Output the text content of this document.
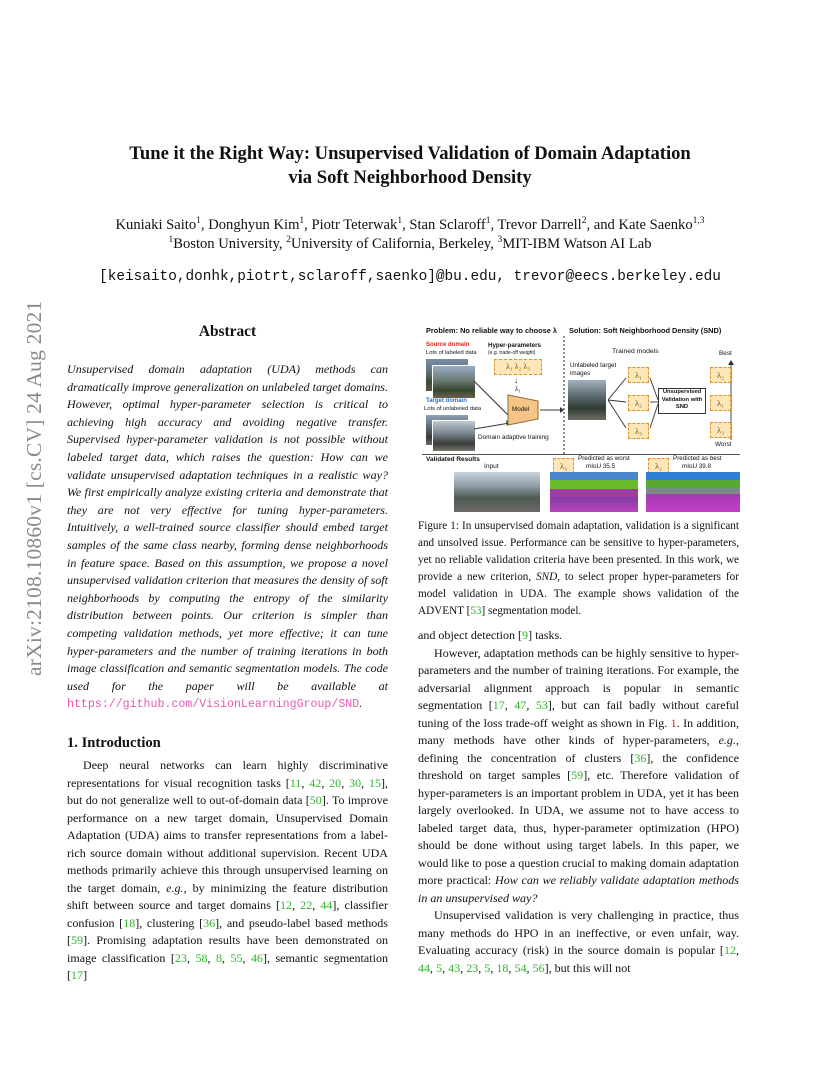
arXiv:2108.10860v1 [cs.CV] 24 Aug 2021
Tune it the Right Way: Unsupervised Validation of Domain Adaptation
via Soft Neighborhood Density
Kuniaki Saito$^1$, Donghyun Kim$^1$, Piotr Teterwak$^1$, Stan Sclaroff$^1$, Trevor Darrell$^2$, and Kate Saenko$^{1,3}$
$^1$Boston University, $^2$University of California, Berkeley, $^3$MIT-IBM Watson AI Lab
[keisaito,donhk,piotrt,sclaroff,saenko]@bu.edu, trevor@eecs.berkeley.edu
Abstract
Unsupervised domain adaptation (UDA) methods can dramatically improve generalization on unlabeled target domains. However, optimal hyper-parameter selection is critical to achieving high accuracy and avoiding negative transfer. Supervised hyper-parameter validation is not possible without labeled target data, which raises the question: How can we validate unsupervised adaptation techniques in a realistic way? We first empirically analyze existing criteria and demonstrate that they are not very effective for tuning hyper-parameters. Intuitively, a well-trained source classifier should embed target samples of the same class nearby, forming dense neighborhoods in feature space. Based on this assumption, we propose a novel unsupervised validation criterion that measures the density of soft neighborhoods by computing the entropy of the similarity distribution between points. Our criterion is simpler than competing validation methods, yet more effective; it can tune hyper-parameters and the number of training iterations in both image classification and semantic segmentation models. The code used for the paper will be available at https://github.com/VisionLearningGroup/SND.
1. Introduction
Deep neural networks can learn highly discriminative representations for visual recognition tasks [11, 42, 20, 30, 15], but do not generalize well to out-of-domain data [50]. To improve performance on a new target domain, Unsupervised Domain Adaptation (UDA) aims to transfer representations from a label-rich source domain without additional supervision. Recent UDA methods primarily achieve this through unsupervised learning on the target domain, e.g., by minimizing the feature distribution shift between source and target domains [12, 22, 44], classifier confusion [18], clustering [36], and pseudo-label based methods [59]. Promising adaptation results have been demonstrated on image classification [23, 58, 8, 55, 46], semantic segmentation [17]
Problem: No reliable way to choose λ Solution: Soft Neighborhood Density (SND)
Source domain
Lots of labeled data
Hyper-parameters
(e.g. trade-off weight)
λ₁ λ₂ λ₃
↓
λ₁
Target domain
Lots of unlabeled data	Model
Domain adaptive training
Trained models
Unlabeled target images	λ₁
λ₂
λ₃
Unsupervised Validation with SND
Best
Worst
λ₂
λ₁
λ₃
Validated Results
Input	λ₃
Predicted as worst
mIoU 35.5	λ₂
Predicted as best
mIoU 39.8
Figure 1: In unsupervised domain adaptation, validation is a significant and unsolved issue. Performance can be sensitive to hyper-parameters, yet no reliable validation criteria have been presented. In this work, we provide a new criterion, SND, to select proper hyper-parameters for model validation in UDA. The example shows validation of the ADVENT [53] segmentation model.

and object detection [9] tasks.

However, adaptation methods can be highly sensitive to hyper-parameters and the number of training iterations. For example, the adversarial alignment approach is popular in semantic segmentation [17, 47, 53], but can fail badly without careful tuning of the loss trade-off weight as shown in Fig. 1. In addition, many methods have other kinds of hyper-parameters, e.g., defining the concentration of clusters [36], the confidence threshold on target samples [59], etc. Therefore validation of hyper-parameters is an important problem in UDA, yet it has been largely overlooked. In UDA, we assume not to have access to labeled target data, thus, hyper-parameter optimization (HPO) should be done without using target labels. In this paper, we would like to pose a question crucial to making domain adaptation more practical: How can we reliably validate adaptation methods in an unsupervised way?

Unsupervised validation is very challenging in practice, thus many methods do HPO in an ineffective, or even unfair, way. Evaluating accuracy (risk) in the source domain is popular [12, 44, 5, 43, 23, 5, 18, 54, 56], but this will not
